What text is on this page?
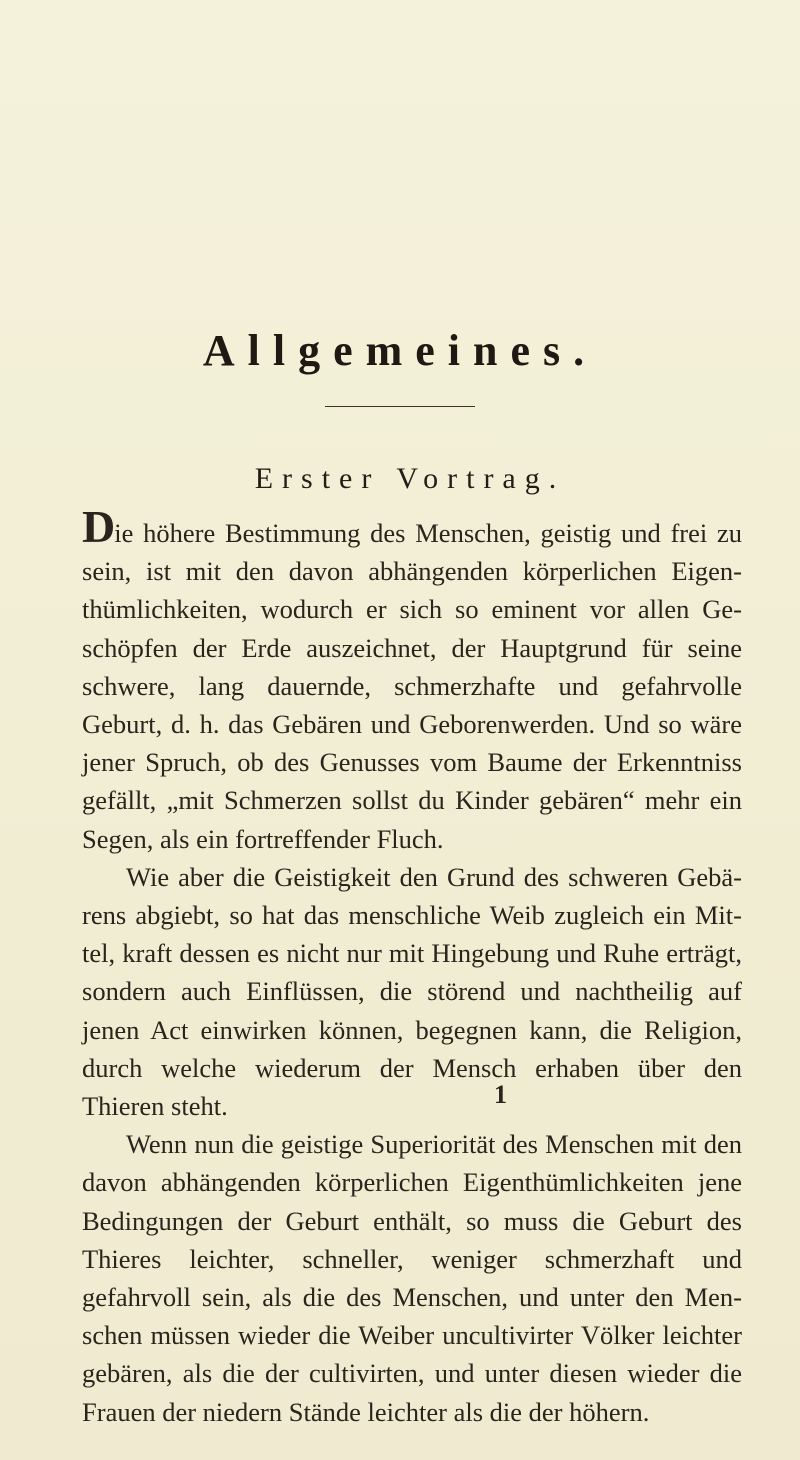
Allgemeines.
Erster Vortrag.

Die höhere Bestimmung des Menschen, geistig und frei zu sein, ist mit den davon abhängenden körperlichen Eigenthümlichkeiten, wodurch er sich so eminent vor allen Geschöpfen der Erde auszeichnet, der Hauptgrund für seine schwere, lang dauernde, schmerzhafte und gefahrvolle Geburt, d. h. das Gebären und Geborenwerden. Und so wäre jener Spruch, ob des Genusses vom Baume der Erkenntniss gefällt, „mit Schmerzen sollst du Kinder gebären“ mehr ein Segen, als ein fortreffender Fluch.

Wie aber die Geistigkeit den Grund des schweren Gebärens abgiebt, so hat das menschliche Weib zugleich ein Mittel, kraft dessen es nicht nur mit Hingebung und Ruhe erträgt, sondern auch Einflüssen, die störend und nachtheilig auf jenen Act einwirken können, begegnen kann, die Religion, durch welche wiederum der Mensch erhaben über den Thieren steht.

Wenn nun die geistige Superiorität des Menschen mit den davon abhängenden körperlichen Eigenthümlichkeiten jene Bedingungen der Geburt enthält, so muss die Geburt des Thieres leichter, schneller, weniger schmerzhaft und gefahrvoll sein, als die des Menschen, und unter den Menschen müssen wieder die Weiber uncultivirter Völker leichter gebären, als die der cultivirten, und unter diesen wieder die Frauen der niedern Stände leichter als die der höhern.

1
